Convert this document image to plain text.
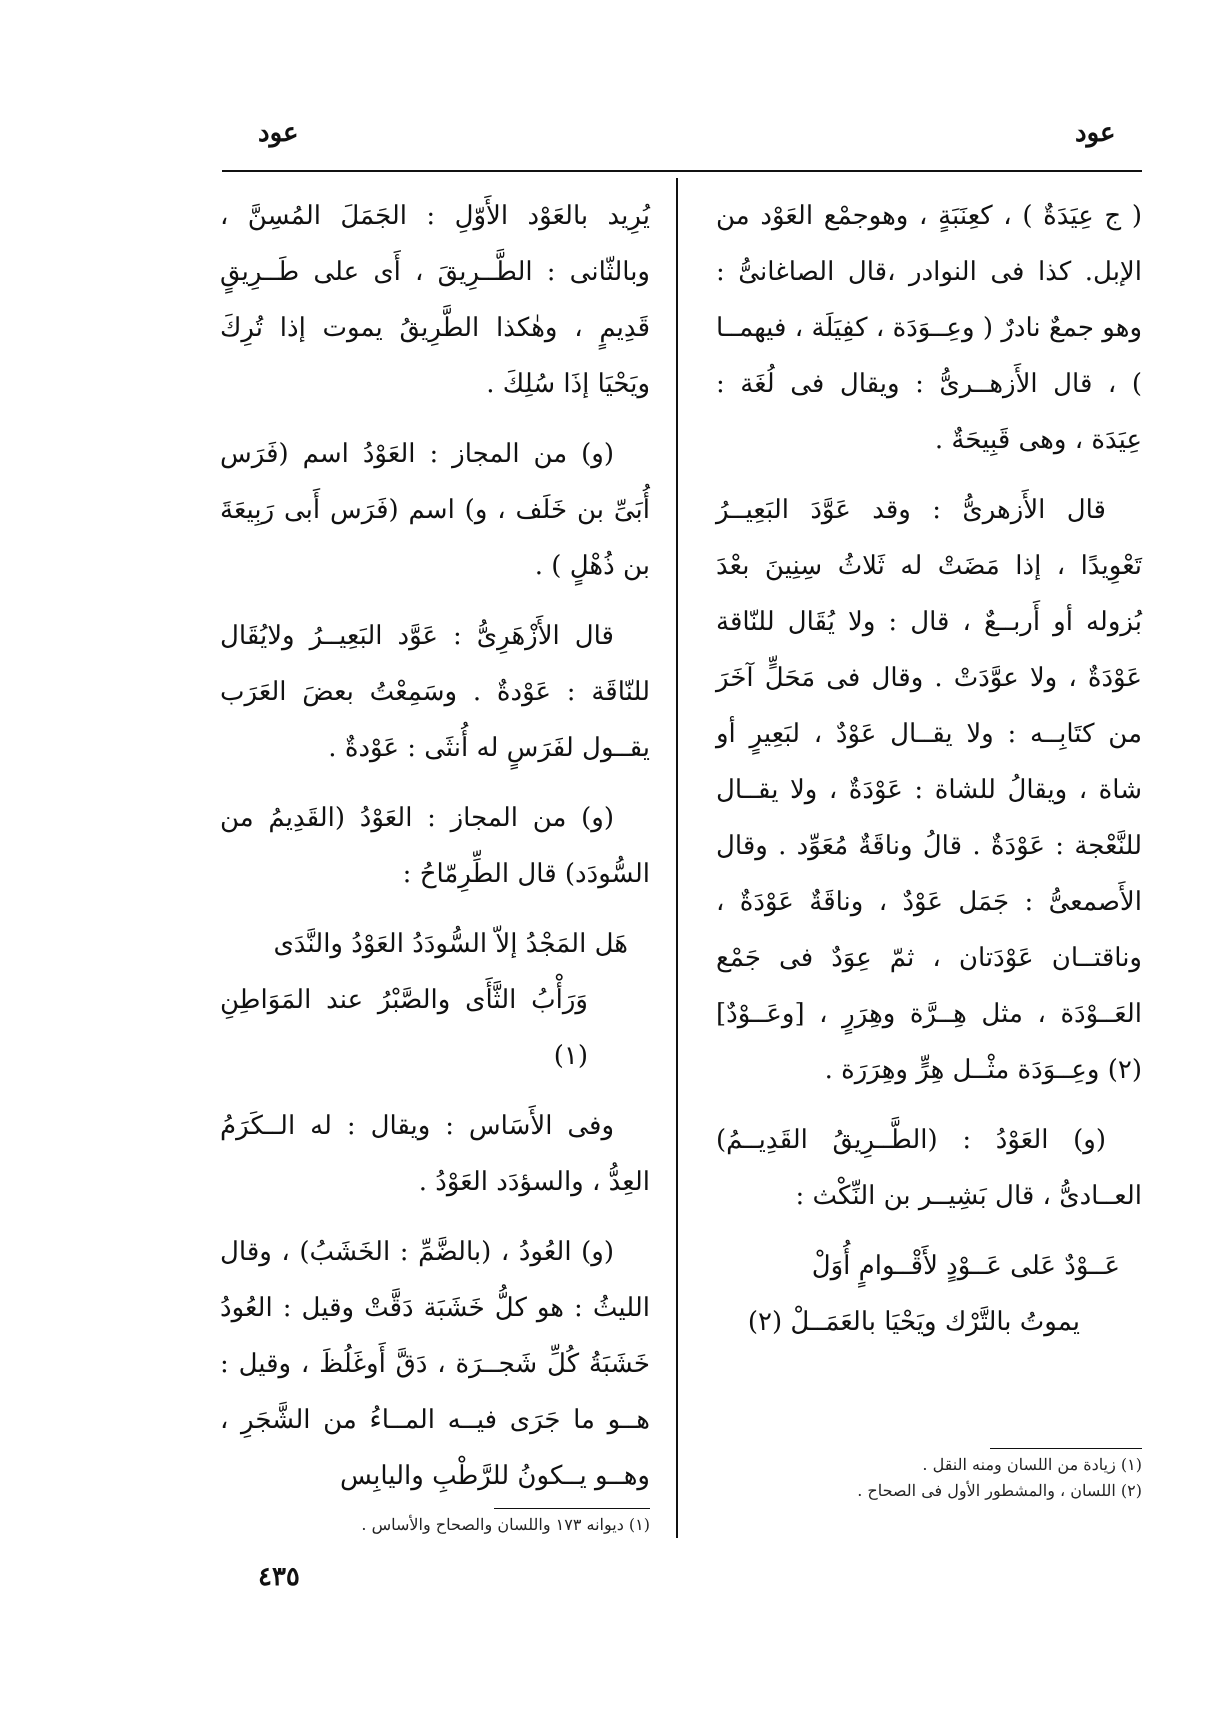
عود
عود

( ج عِيَدَةٌ ) ، كعِنَبَةٍ ، وهوجمْع العَوْد من الإبل. كذا فى النوادر ،قال الصاغانىُّ : وهو جمعٌ نادرٌ ( وعِــوَدَة ، كفِيَلَة ، فيهمــا ) ، قال الأَزهــرىُّ : ويقال فى لُغَة : عِيَدَة ، وهى قَبِيحَةٌ .

قال الأَزهرىُّ : وقد عَوَّدَ البَعِيــرُ تَعْوِيدًا ، إذا مَضَتْ له ثَلاثُ سِنِينَ بعْدَ بُزوله أو أَربــعٌ ، قال : ولا يُقَال للنّاقة عَوْدَةٌ ، ولا عوَّدَتْ . وقال فى مَحَلٍّ آخَرَ من كتَابِــه : ولا يقــال عَوْدٌ ، لبَعِيرٍ أو شاة ، ويقالُ للشاة : عَوْدَةٌ ، ولا يقــال للنَّعْجة : عَوْدَةٌ . قالُ وناقَةٌ مُعَوِّد . وقال الأَصمعىُّ : جَمَل عَوْدٌ ، وناقَةٌ عَوْدَةٌ ، وناقتــان عَوْدَتان ، ثمّ عِوَدٌ فى جَمْع العَــوْدَة ، مثل هِــرَّة وهِرَرٍ ، [وعَــوْدٌ] (٢) وعِــوَدَة مثْــل هِرٍّ وهِرَرَة .

(و) العَوْدُ : (الطَّــرِيقُ القَدِيــمُ) العــادىُّ ، قال بَشِيــر بن النِّكْث :

عَــوْدٌ عَلى عَــوْدٍ لأَقْــوامٍ أُوَلْ
يموتُ بالتَّرْك ويَحْيَا بالعَمَــلْ (٢)

يُرِيد بالعَوْد الأَوّلِ : الجَمَلَ المُسِنَّ ، وبالثّانى : الطَّــرِيقَ ، أَى على طَــرِيقٍ قَدِيمٍ ، وهٰكذا الطَّرِيقُ يموت إذا تُرِكَ ويَحْيَا إذَا سُلِكَ .

(و) من المجاز : العَوْدُ اسم (فَرَس أُبَىِّ بن خَلَف ، و) اسم (فَرَس أَبى رَبِيعَةَ بن ذُهْلٍ ) .

قال الأَزْهَرِىُّ : عَوَّد البَعِيــرُ ولايُقَال للنّاقَة : عَوْدةٌ . وسَمِعْتُ بعضَ العَرَب يقــول لفَرَسٍ له أُنثَى : عَوْدةٌ .

(و) من المجاز : العَوْدُ (القَدِيمُ من السُّودَد) قال الطِّرِمّاحُ :

هَل المَجْدُ إلاّ السُّودَدُ العَوْدُ والنَّدَى
وَرَأْبُ الثَّأَى والصَّبْرُ عند المَوَاطِنِ (١)

وفى الأَسَاس : ويقال : له الــكَرَمُ العِدُّ ، والسؤدَد العَوْدُ .

(و) العُودُ ، (بالضَّمِّ : الخَشَبُ) ، وقال الليثُ : هو كلُّ خَشَبَة دَقَّتْ وقيل : العُودُ خَشَبَةُ كُلِّ شَجــرَة ، دَقَّ أَوغَلُظَ ، وقيل : هــو ما جَرَى فيــه المــاءُ من الشَّجَرِ ، وهــو يــكونُ للرَّطْبِ واليابِس	(١) زيادة من اللسان ومنه النقل .
(٢) اللسان ، والمشطور الأول فى الصحاح .
(١) ديوانه ١٧٣ واللسان والصحاح والأساس .
٤٣٥
